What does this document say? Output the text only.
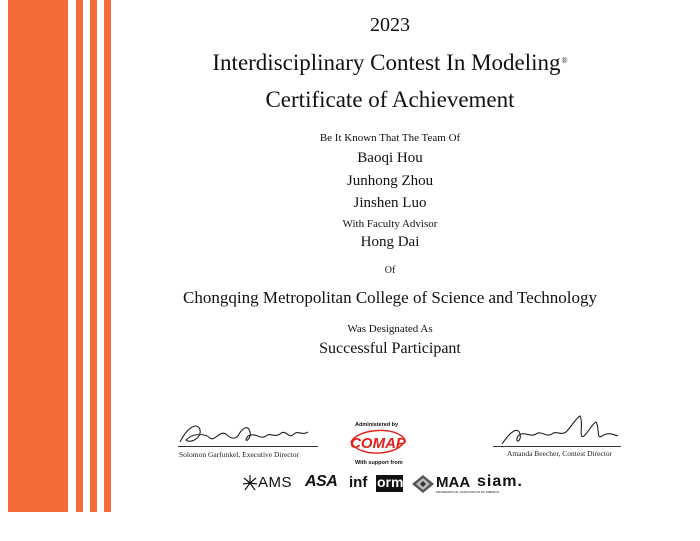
2023
Interdisciplinary Contest In Modeling®
Certificate of Achievement
Be It Known That The Team Of
Baoqi Hou
Junhong Zhou
Jinshen Luo
With Faculty Advisor
Hong Dai
Of
Chongqing Metropolitan College of Science and Technology
Was Designated As
Successful Participant
Solomon Garfunkel, Executive Director	Amanda Beecher, Contest Director
Administered by
COMAP
With support from
AMS ASA inf orms MAA
MATHEMATICAL ASSOCIATION OF AMERICA
siam.
